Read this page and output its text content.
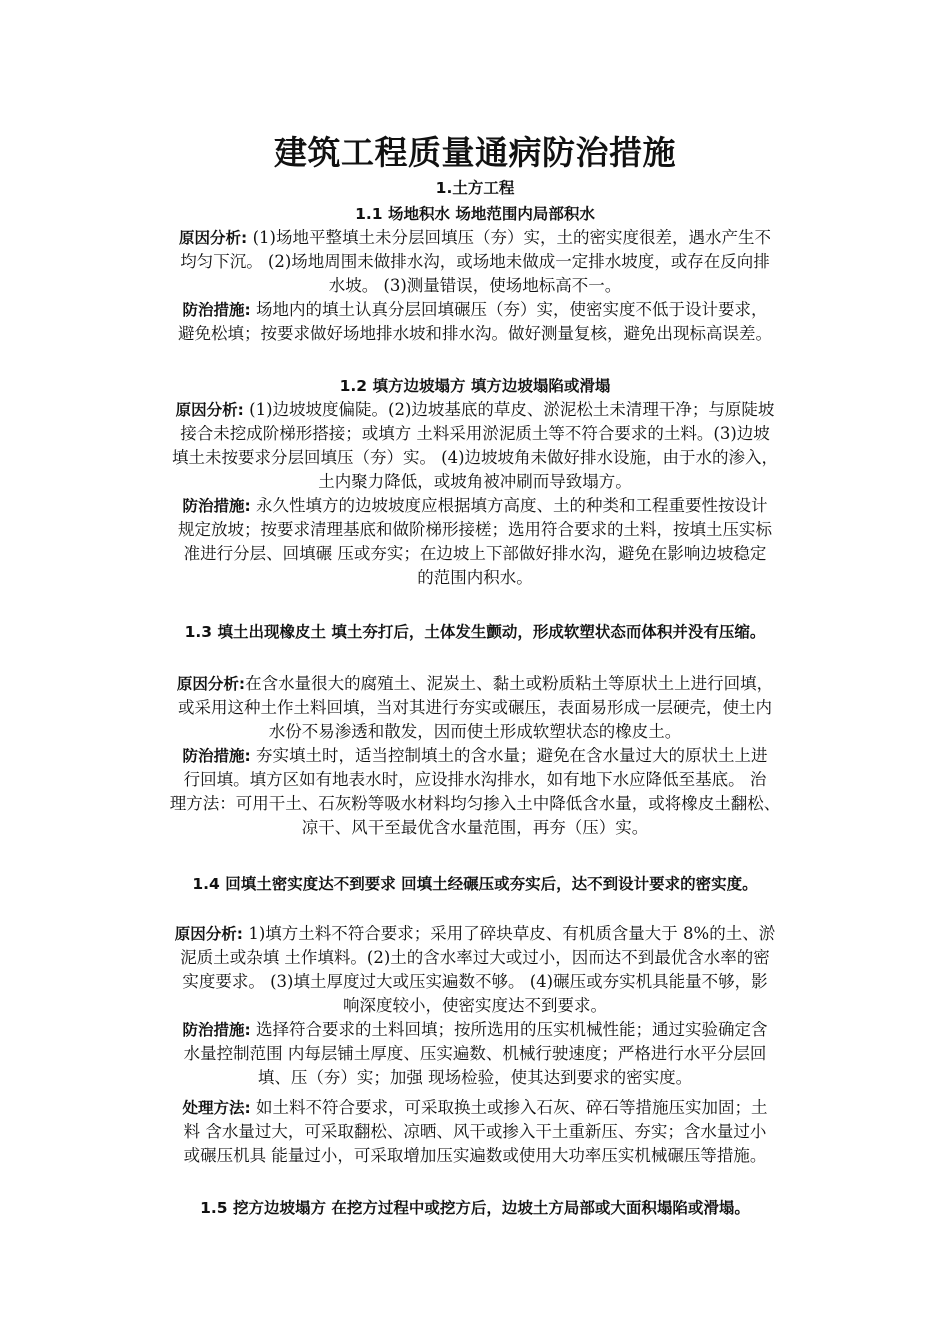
建筑工程质量通病防治措施
1.土方工程
1.1 场地积水 场地范围内局部积水
原因分析: (1)场地平整填土未分层回填压（夯）实，土的密实度很差，遇水产生不
均匀下沉。 (2)场地周围未做排水沟，或场地未做成一定排水坡度，或存在反向排
水坡。 (3)测量错误，使场地标高不一。
防治措施: 场地内的填土认真分层回填碾压（夯）实，使密实度不低于设计要求，
避免松填；按要求做好场地排水坡和排水沟。做好测量复核，避免出现标高误差。
1.2 填方边坡塌方 填方边坡塌陷或滑塌
原因分析: (1)边坡坡度偏陡。(2)边坡基底的草皮、淤泥松土未清理干净；与原陡坡
接合未挖成阶梯形搭接；或填方 土料采用淤泥质土等不符合要求的土料。(3)边坡
填土未按要求分层回填压（夯）实。 (4)边坡坡角未做好排水设施，由于水的渗入，
土内聚力降低，或坡角被冲刷而导致塌方。
防治措施: 永久性填方的边坡坡度应根据填方高度、土的种类和工程重要性按设计
规定放坡；按要求清理基底和做阶梯形接槎；选用符合要求的土料，按填土压实标
准进行分层、回填碾 压或夯实；在边坡上下部做好排水沟，避免在影响边坡稳定
的范围内积水。
1.3 填土出现橡皮土 填土夯打后，土体发生颤动，形成软塑状态而体积并没有压缩。
原因分析:在含水量很大的腐殖土、泥炭土、黏土或粉质粘土等原状土上进行回填，
或采用这种土作土料回填，当对其进行夯实或碾压，表面易形成一层硬壳，使土内
水份不易渗透和散发，因而使土形成软塑状态的橡皮土。
防治措施: 夯实填土时，适当控制填土的含水量；避免在含水量过大的原状土上进
行回填。填方区如有地表水时，应设排水沟排水，如有地下水应降低至基底。 治
理方法：可用干土、石灰粉等吸水材料均匀掺入土中降低含水量，或将橡皮土翻松、
凉干、风干至最优含水量范围，再夯（压）实。
1.4 回填土密实度达不到要求 回填土经碾压或夯实后，达不到设计要求的密实度。
原因分析: 1)填方土料不符合要求；采用了碎块草皮、有机质含量大于 8%的土、淤
泥质土或杂填 土作填料。(2)土的含水率过大或过小，因而达不到最优含水率的密
实度要求。 (3)填土厚度过大或压实遍数不够。 (4)碾压或夯实机具能量不够，影
响深度较小，使密实度达不到要求。
防治措施: 选择符合要求的土料回填；按所选用的压实机械性能；通过实验确定含
水量控制范围 内每层铺土厚度、压实遍数、机械行驶速度；严格进行水平分层回
填、压（夯）实；加强 现场检验，使其达到要求的密实度。
处理方法: 如土料不符合要求，可采取换土或掺入石灰、碎石等措施压实加固；土
料 含水量过大，可采取翻松、凉晒、风干或掺入干土重新压、夯实；含水量过小
或碾压机具 能量过小，可采取增加压实遍数或使用大功率压实机械碾压等措施。
1.5 挖方边坡塌方 在挖方过程中或挖方后，边坡土方局部或大面积塌陷或滑塌。
